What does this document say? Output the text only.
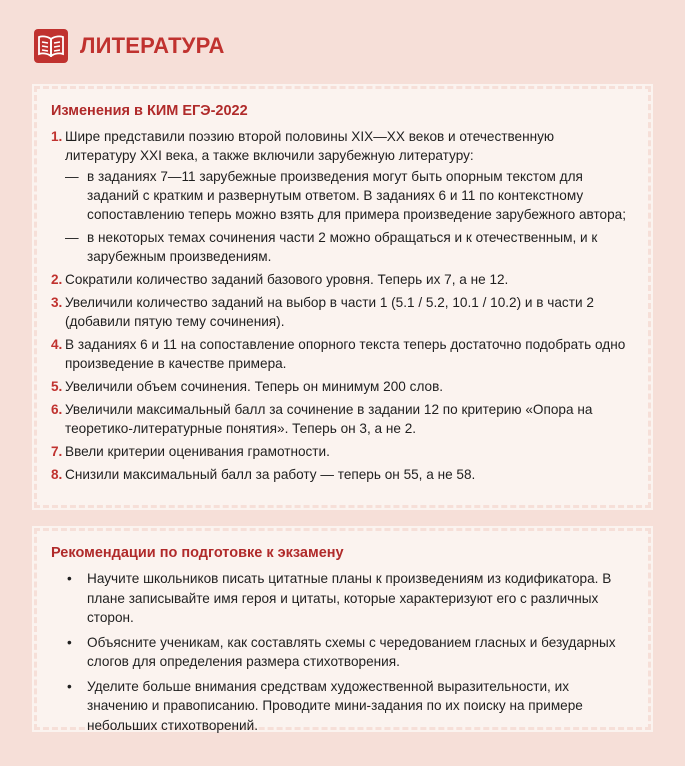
ЛИТЕРАТУРА
Изменения в КИМ ЕГЭ-2022
1. Шире представили поэзию второй половины XIX—XX веков и отечественную литературу XXI века, а также включили зарубежную литературу:
— в заданиях 7—11 зарубежные произведения могут быть опорным текстом для заданий с кратким и развернутым ответом. В заданиях 6 и 11 по контекстному сопоставлению теперь можно взять для примера произведение зарубежного автора;
— в некоторых темах сочинения части 2 можно обращаться и к отечественным, и к зарубежным произведениям.
2. Сократили количество заданий базового уровня. Теперь их 7, а не 12.
3. Увеличили количество заданий на выбор в части 1 (5.1 / 5.2, 10.1 / 10.2) и в части 2 (добавили пятую тему сочинения).
4. В заданиях 6 и 11 на сопоставление опорного текста теперь достаточно подобрать одно произведение в качестве примера.
5. Увеличили объем сочинения. Теперь он минимум 200 слов.
6. Увеличили максимальный балл за сочинение в задании 12 по критерию «Опора на теоретико-литературные понятия». Теперь он 3, а не 2.
7. Ввели критерии оценивания грамотности.
8. Снизили максимальный балл за работу — теперь он 55, а не 58.
Рекомендации по подготовке к экзамену
• Научите школьников писать цитатные планы к произведениям из кодификатора. В плане записывайте имя героя и цитаты, которые характеризуют его с различных сторон.
• Объясните ученикам, как составлять схемы с чередованием гласных и безударных слогов для определения размера стихотворения.
• Уделите больше внимания средствам художественной выразительности, их значению и правописанию. Проводите мини-задания по их поиску на примере небольших стихотворений.
